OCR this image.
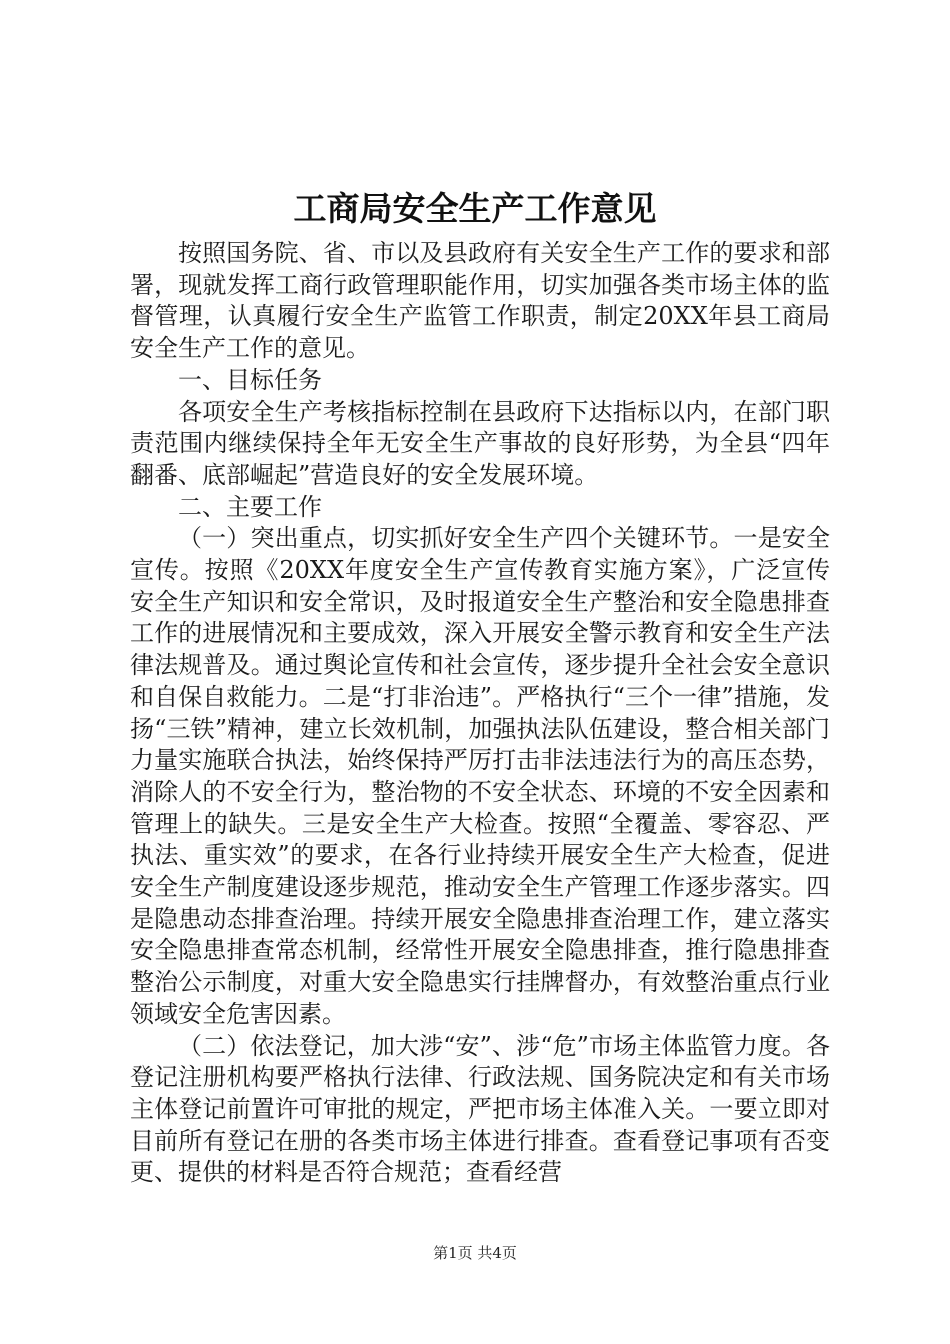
工商局安全生产工作意见

按照国务院、省、市以及县政府有关安全生产工作的要求和部署，现就发挥工商行政管理职能作用，切实加强各类市场主体的监督管理，认真履行安全生产监管工作职责，制定20XX年县工商局安全生产工作的意见。

一、目标任务

各项安全生产考核指标控制在县政府下达指标以内，在部门职责范围内继续保持全年无安全生产事故的良好形势，为全县“四年翻番、底部崛起”营造良好的安全发展环境。

二、主要工作

（一）突出重点，切实抓好安全生产四个关键环节。一是安全宣传。按照《20XX年度安全生产宣传教育实施方案》，广泛宣传安全生产知识和安全常识，及时报道安全生产整治和安全隐患排查工作的进展情况和主要成效，深入开展安全警示教育和安全生产法律法规普及。通过舆论宣传和社会宣传，逐步提升全社会安全意识和自保自救能力。二是“打非治违”。严格执行“三个一律”措施，发扬“三铁”精神，建立长效机制，加强执法队伍建设，整合相关部门力量实施联合执法，始终保持严厉打击非法违法行为的高压态势，消除人的不安全行为，整治物的不安全状态、环境的不安全因素和管理上的缺失。三是安全生产大检查。按照“全覆盖、零容忍、严执法、重实效”的要求，在各行业持续开展安全生产大检查，促进安全生产制度建设逐步规范，推动安全生产管理工作逐步落实。四是隐患动态排查治理。持续开展安全隐患排查治理工作，建立落实安全隐患排查常态机制，经常性开展安全隐患排查，推行隐患排查整治公示制度，对重大安全隐患实行挂牌督办，有效整治重点行业领域安全危害因素。

（二）依法登记，加大涉“安”、涉“危”市场主体监管力度。各登记注册机构要严格执行法律、行政法规、国务院决定和有关市场主体登记前置许可审批的规定，严把市场主体准入关。一要立即对目前所有登记在册的各类市场主体进行排查。查看登记事项有否变更、提供的材料是否符合规范；查看经营

第1页 共4页
